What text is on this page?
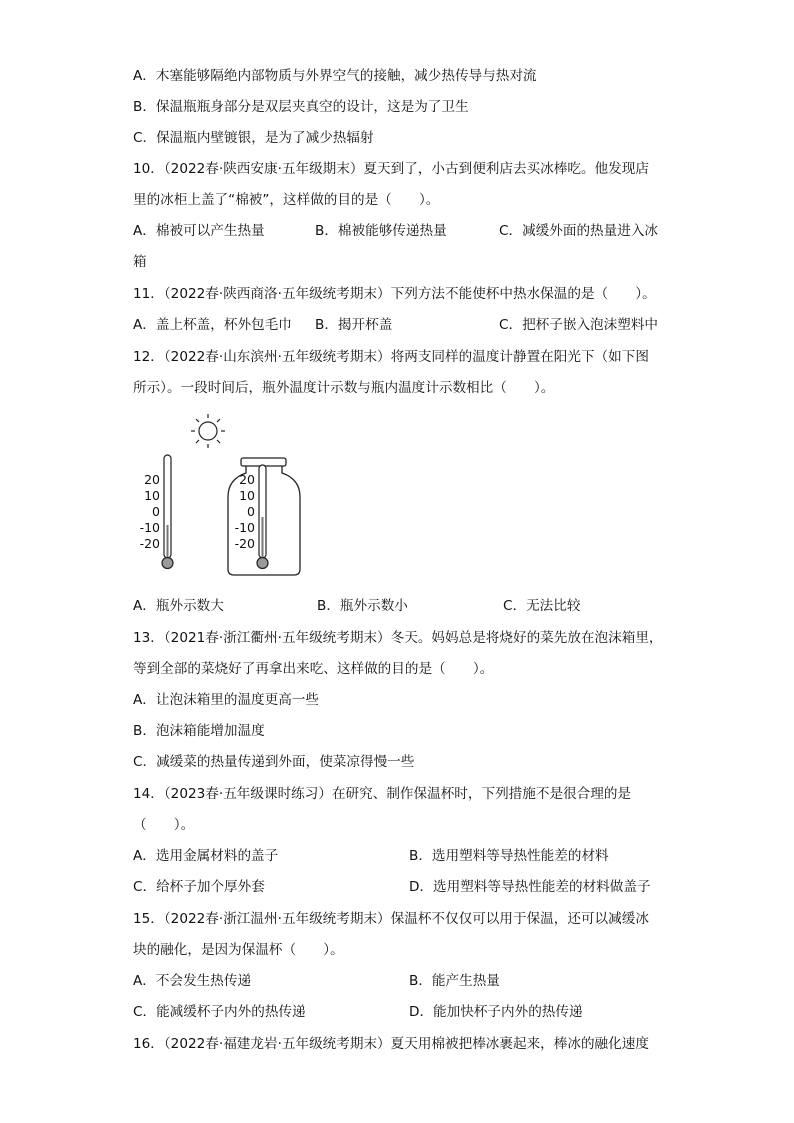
A．木塞能够隔绝内部物质与外界空气的接触，减少热传导与热对流
B．保温瓶瓶身部分是双层夹真空的设计，这是为了卫生
C．保温瓶内壁镀银，是为了减少热辐射
10．（2022春·陕西安康·五年级期末）夏天到了，小古到便利店去买冰棒吃。他发现店
里的冰柜上盖了“棉被”，这样做的目的是（　　）。
A．棉被可以产生热量	B．棉被能够传递热量	C．减缓外面的热量进入冰
箱
11．（2022春·陕西商洛·五年级统考期末）下列方法不能使杯中热水保温的是（　　）。
A．盖上杯盖，杯外包毛巾 B．揭开杯盖	C．把杯子嵌入泡沫塑料中
12．（2022春·山东滨州·五年级统考期末）将两支同样的温度计静置在阳光下（如下图
所示）。一段时间后，瓶外温度计示数与瓶内温度计示数相比（　　）。
20
10
0
-10
-20
20
10
0
-10
-20
A．瓶外示数大	B．瓶外示数小	C．无法比较
13．（2021春·浙江衢州·五年级统考期末）冬天。妈妈总是将烧好的菜先放在泡沫箱里，
等到全部的菜烧好了再拿出来吃、这样做的目的是（　　）。
A．让泡沫箱里的温度更高一些
B．泡沫箱能增加温度
C．减缓菜的热量传递到外面，使菜凉得慢一些
14．（2023春·五年级课时练习）在研究、制作保温杯时，下列措施不是很合理的是
（　　）。
A．选用金属材料的盖子	B．选用塑料等导热性能差的材料
C．给杯子加个厚外套	D．选用塑料等导热性能差的材料做盖子
15．（2022春·浙江温州·五年级统考期末）保温杯不仅仅可以用于保温，还可以减缓冰
块的融化，是因为保温杯（　　）。
A．不会发生热传递	B．能产生热量
C．能减缓杯子内外的热传递	D．能加快杯子内外的热传递
16．（2022春·福建龙岩·五年级统考期末）夏天用棉被把棒冰裹起来，棒冰的融化速度
